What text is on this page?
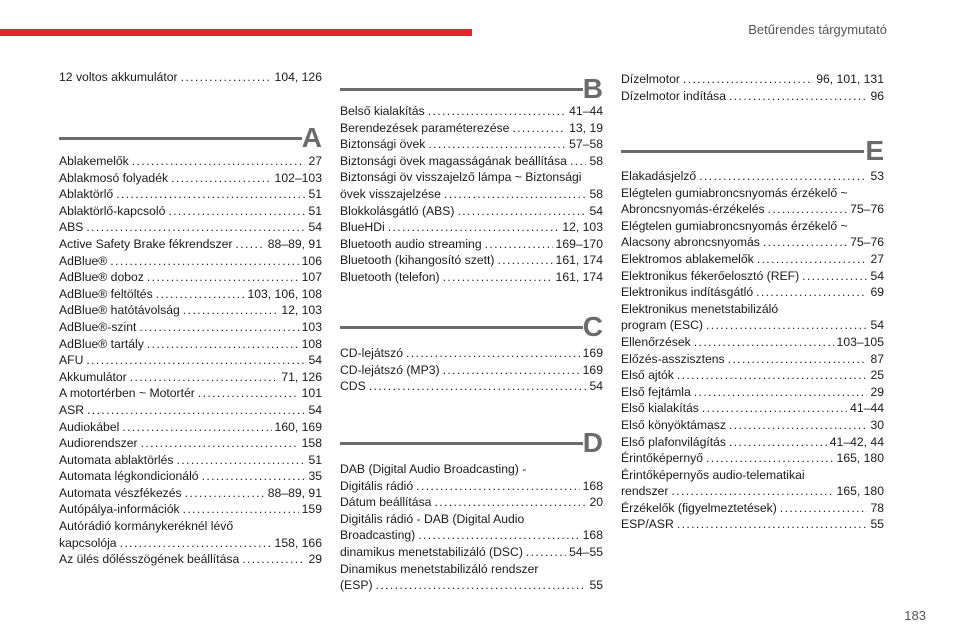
Betűrendes tárgymutató
12 voltos akkumulátor . . .	104, 126
A
Ablakemelők . . .	27
Ablakmosó folyadék . . .	102–103
Ablaktörlő . . .	51
Ablaktörlő-kapcsoló . . .	51
ABS . . .	54
Active Safety Brake fékrendszer . . .	88–89, 91
AdBlue® . . .	106
AdBlue® doboz . . .	107
AdBlue® feltöltés . . .	103, 106, 108
AdBlue® hatótávolság . . .	12, 103
AdBlue®-szint . . .	103
AdBlue® tartály . . .	108
AFU . . .	54
Akkumulátor . . .	71, 126
A motortérben ~ Motortér . . .	101
ASR . . .	54
Audiokábel . . .	160, 169
Audiorendszer . . .	158
Automata ablaktörlés . . .	51
Automata légkondicionáló . . .	35
Automata vészfékezés . . .	88–89, 91
Autópálya-információk . . .	159
Autórádió kormánykeréknél lévő
kapcsolója . . .	158, 166
Az ülés dőlésszögének beállítása . . .	29
B
Belső kialakítás . . .	41–44
Berendezések paraméterezése . . .	13, 19
Biztonsági övek . . .	57–58
Biztonsági övek magasságának beállítása . . . 58
Biztonsági öv visszajelző lámpa ~ Biztonsági
övek visszajelzése . . .	58
Blokkolásgátló (ABS) . . .	54
BlueHDi . . .	12, 103
Bluetooth audio streaming . . .	169–170
Bluetooth (kihangosító szett) . . .	161, 174
Bluetooth (telefon) . . .	161, 174
C
CD-lejátszó . . .	169
CD-lejátszó (MP3) . . .	169
CDS . . .	54
D
DAB (Digital Audio Broadcasting) -
Digitális rádió . . .	168
Dátum beállítása . . .	20
Digitális rádió - DAB (Digital Audio
Broadcasting) . . .	168
dinamikus menetstabilizáló (DSC) . . .	54–55
Dinamikus menetstabilizáló rendszer
(ESP) . . .	55
Dízelmotor . . .	96, 101, 131
Dízelmotor indítása . . .	96
E
Elakadásjelző . . .	53
Elégtelen gumiabroncsnyomás érzékelő ~
Abroncsnyomás-érzékelés . . .	75–76
Elégtelen gumiabroncsnyomás érzékelő ~
Alacsony abroncsnyomás . . .	75–76
Elektromos ablakemelők . . .	27
Elektronikus fékerőelosztó (REF) . . .	54
Elektronikus indításgátló . . .	69
Elektronikus menetstabilizáló
program (ESC) . . .	54
Ellenőrzések . . .	103–105
Előzés-asszisztens . . .	87
Első ajtók . . .	25
Első fejtámla . . .	29
Első kialakítás . . .	41–44
Első könyöktámasz . . .	30
Első plafonvilágítás . . .	41–42, 44
Érintőképernyő . . .	165, 180
Érintőképernyős audio-telematikai
rendszer . . .	165, 180
Érzékelők (figyelmeztetések) . . .	78
ESP/ASR . . .	55
183
